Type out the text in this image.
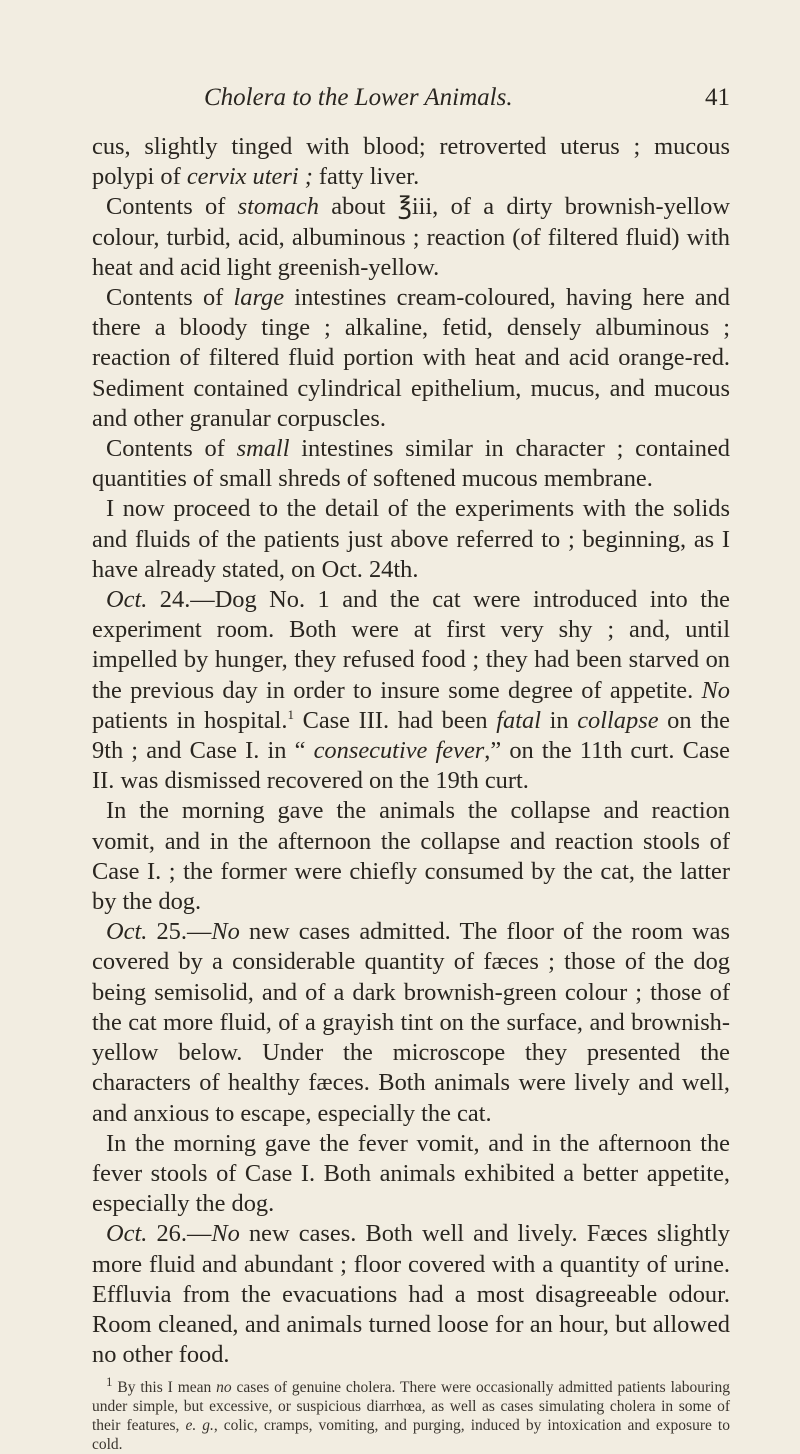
Cholera to the Lower Animals.	41

cus, slightly tinged with blood; retroverted uterus ; mucous polypi of cervix uteri ; fatty liver.

Contents of stomach about ℥iii, of a dirty brownish-yellow colour, turbid, acid, albuminous ; reaction (of filtered fluid) with heat and acid light greenish-yellow.

Contents of large intestines cream-coloured, having here and there a bloody tinge ; alkaline, fetid, densely albuminous ; reaction of filtered fluid portion with heat and acid orange-red. Sediment contained cylindrical epithelium, mucus, and mucous and other granular corpuscles.

Contents of small intestines similar in character ; contained quantities of small shreds of softened mucous membrane.

I now proceed to the detail of the experiments with the solids and fluids of the patients just above referred to ; beginning, as I have already stated, on Oct. 24th.

Oct. 24.—Dog No. 1 and the cat were introduced into the experiment room. Both were at first very shy ; and, until impelled by hunger, they refused food ; they had been starved on the previous day in order to insure some degree of appetite. No patients in hospital.$^1$ Case III. had been fatal in collapse on the 9th ; and Case I. in “ consecutive fever,” on the 11th curt. Case II. was dismissed recovered on the 19th curt.

In the morning gave the animals the collapse and reaction vomit, and in the afternoon the collapse and reaction stools of Case I. ; the former were chiefly consumed by the cat, the latter by the dog.

Oct. 25.—No new cases admitted. The floor of the room was covered by a considerable quantity of fæces ; those of the dog being semisolid, and of a dark brownish-green colour ; those of the cat more fluid, of a grayish tint on the surface, and brownish-yellow below. Under the microscope they presented the characters of healthy fæces. Both animals were lively and well, and anxious to escape, especially the cat.

In the morning gave the fever vomit, and in the afternoon the fever stools of Case I. Both animals exhibited a better appetite, especially the dog.

Oct. 26.—No new cases. Both well and lively. Fæces slightly more fluid and abundant ; floor covered with a quantity of urine. Effluvia from the evacuations had a most disagreeable odour. Room cleaned, and animals turned loose for an hour, but allowed no other food.

$^1$ By this I mean no cases of genuine cholera. There were occasionally admitted patients labouring under simple, but excessive, or suspicious diarrhœa, as well as cases simulating cholera in some of their features, e. g., colic, cramps, vomiting, and purging, induced by intoxication and exposure to cold.
